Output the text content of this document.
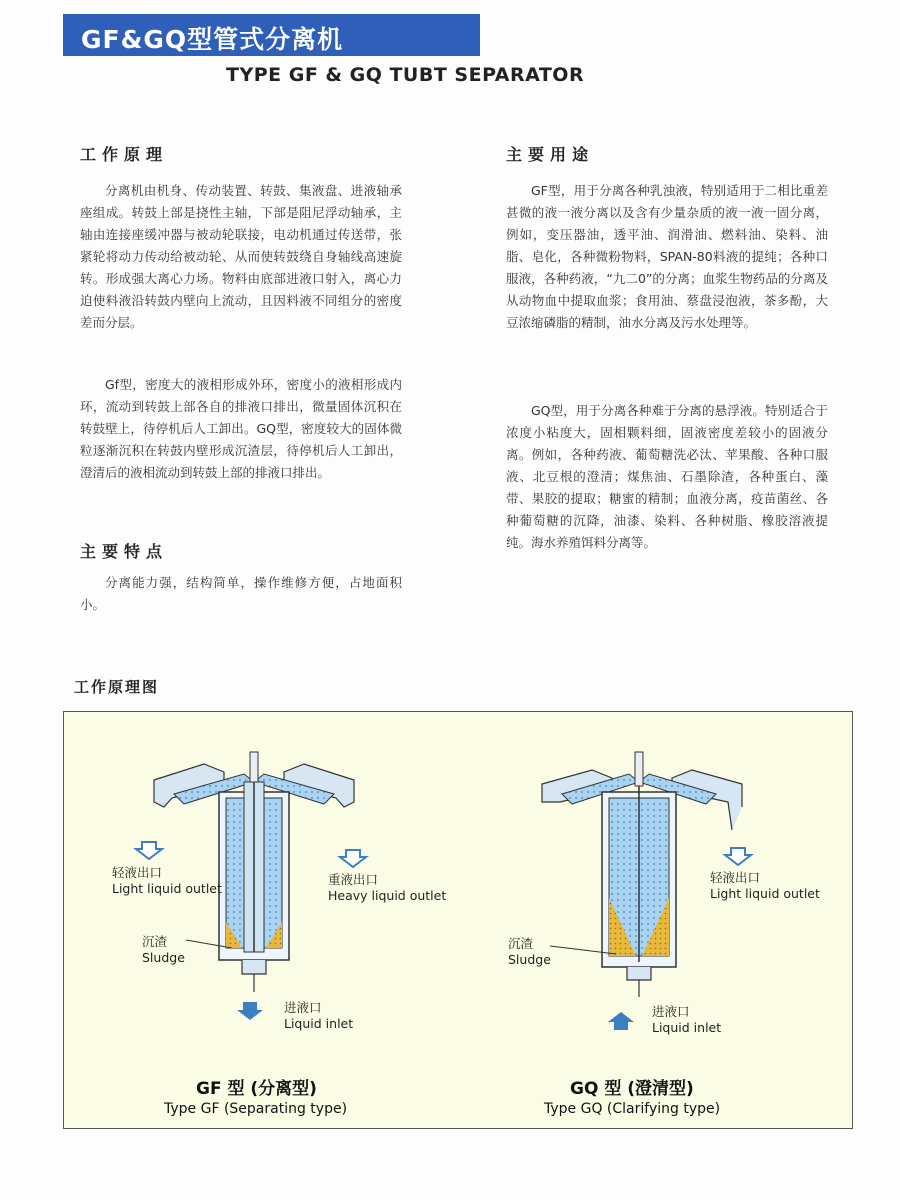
GF&GQ型管式分离机
TYPE GF & GQ TUBT SEPARATOR
工作原理

分离机由机身、传动装置、转鼓、集液盘、进液轴承座组成。转鼓上部是挠性主轴，下部是阻尼浮动轴承，主轴由连接座缓冲器与被动轮联接，电动机通过传送带，张紧轮将动力传动给被动轮、从而使转鼓绕自身轴线高速旋转。形成强大离心力场。物料由底部进液口射入，离心力迫使料液沿转鼓内壁向上流动，且因料液不同组分的密度差而分层。

Gf型，密度大的液相形成外环，密度小的液相形成内环，流动到转鼓上部各自的排液口排出，微量固体沉积在转鼓壁上，待停机后人工卸出。GQ型，密度较大的固体微粒逐渐沉积在转鼓内壁形成沉渣层，待停机后人工卸出，澄清后的液相流动到转鼓上部的排液口排出。

主要特点

分离能力强，结构简单，操作维修方便，占地面积小。

主要用途

GF型，用于分离各种乳浊液，特别适用于二相比重差甚微的液一液分离以及含有少量杂质的液一液一固分离，例如，变压器油，透平油、润滑油、燃料油、染料、油脂、皂化，各种微粉物料，SPAN-80料液的提纯；各种口服液，各种药液，“九二0”的分离；血浆生物药品的分离及从动物血中提取血浆；食用油、蔡盘浸泡液，茶多酚，大豆浓缩磷脂的精制，油水分离及污水处理等。

GQ型，用于分离各种难于分离的悬浮液。特别适合于浓度小粘度大，固相颗料细，固液密度差较小的固液分离。例如，各种药液、葡萄糖洗必汰、苹果酸、各种口服液、北豆根的澄清；煤焦油、石墨除渣，各种蛋白、藻带、果胶的提取；糖蜜的精制；血液分离，疫苗菌丝、各种葡萄糖的沉降，油漆、染料、各种树脂、橡胶溶液提纯。海水养殖饵料分离等。

工作原理图
轻液出口
Light liquid outlet
重液出口
Heavy liquid outlet
沉渣
Sludge
进液口
Liquid inlet
GF 型 (分离型)
Type GF (Separating type)
轻液出口
Light liquid outlet
沉渣
Sludge
进液口
Liquid inlet
GQ 型 (澄清型)
Type GQ (Clarifying type)
